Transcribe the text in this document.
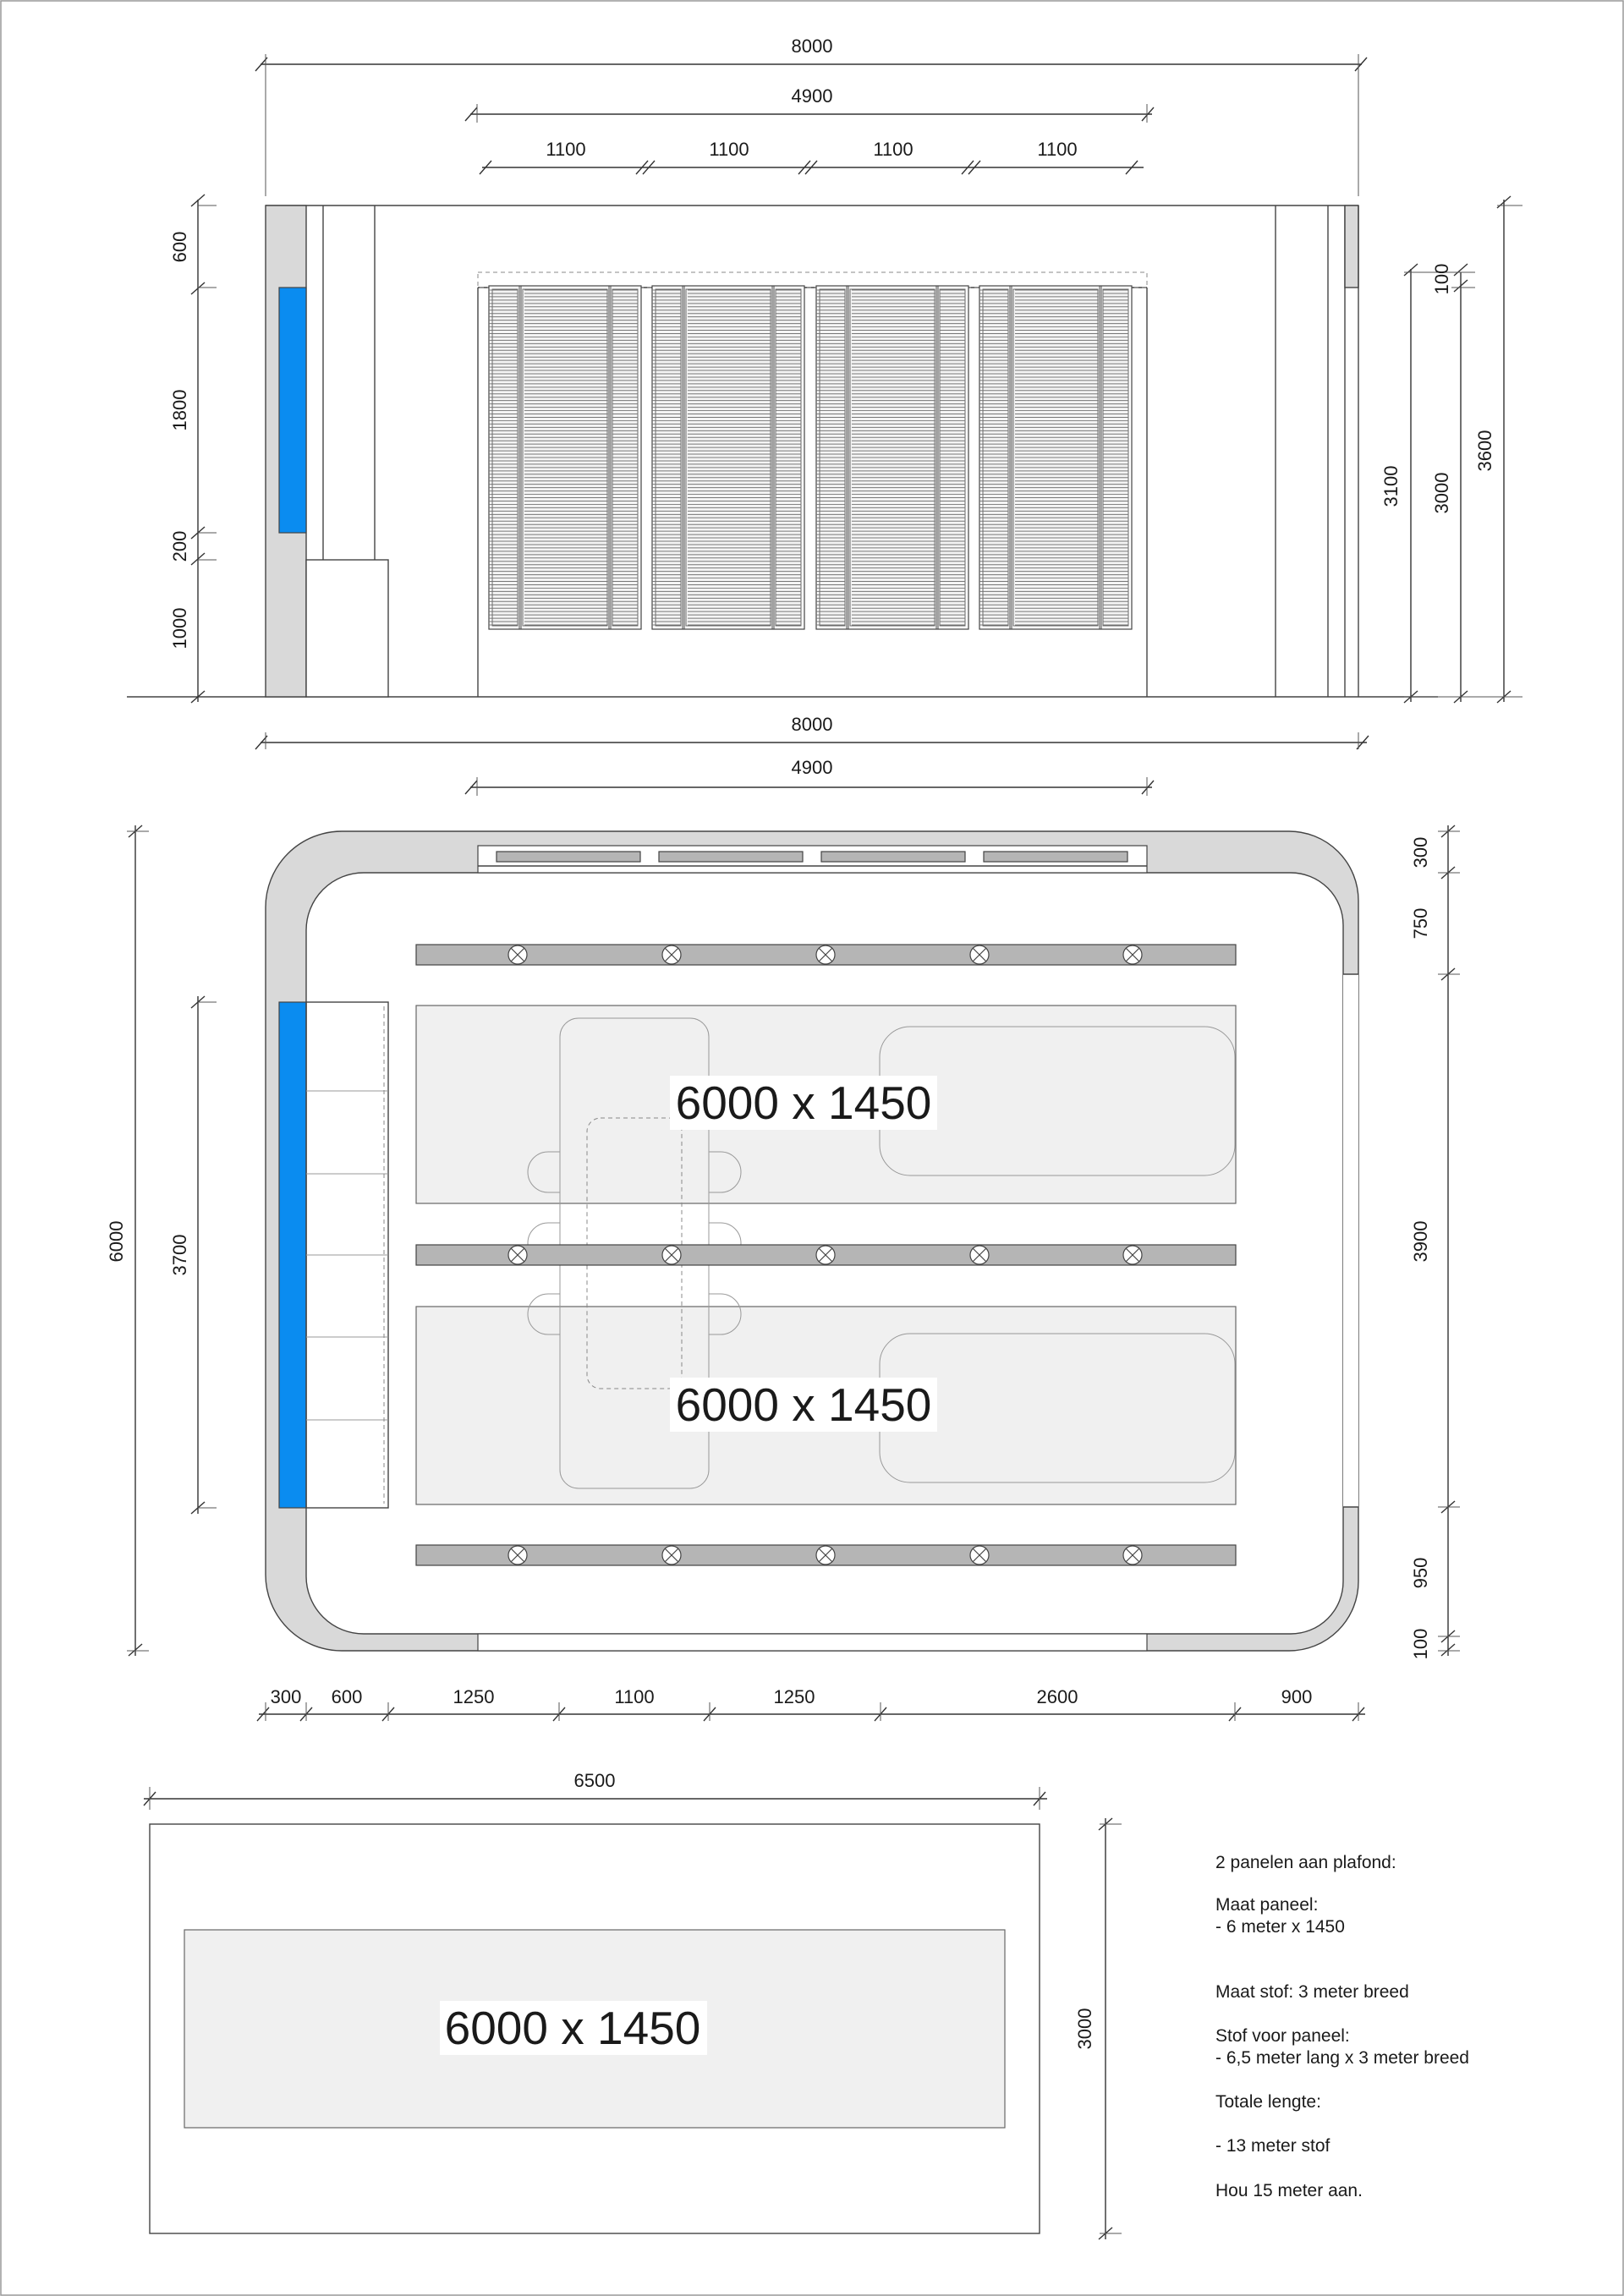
8000
4900
1100	1100	1100	1100
600
1800
200
1000
100
3100 3000
3600
8000
4900
6000 x 1450
6000 x 1450
6000 3700
300
750
3900
950
100
300 600	1250	1100	1250	2600	900
6500
6000 x 1450	3000
2 panelen aan plafond:
Maat paneel:
- 6 meter x 1450
Maat stof: 3 meter breed
Stof voor paneel:
- 6,5 meter lang x 3 meter breed
Totale lengte:
- 13 meter stof
Hou 15 meter aan.
